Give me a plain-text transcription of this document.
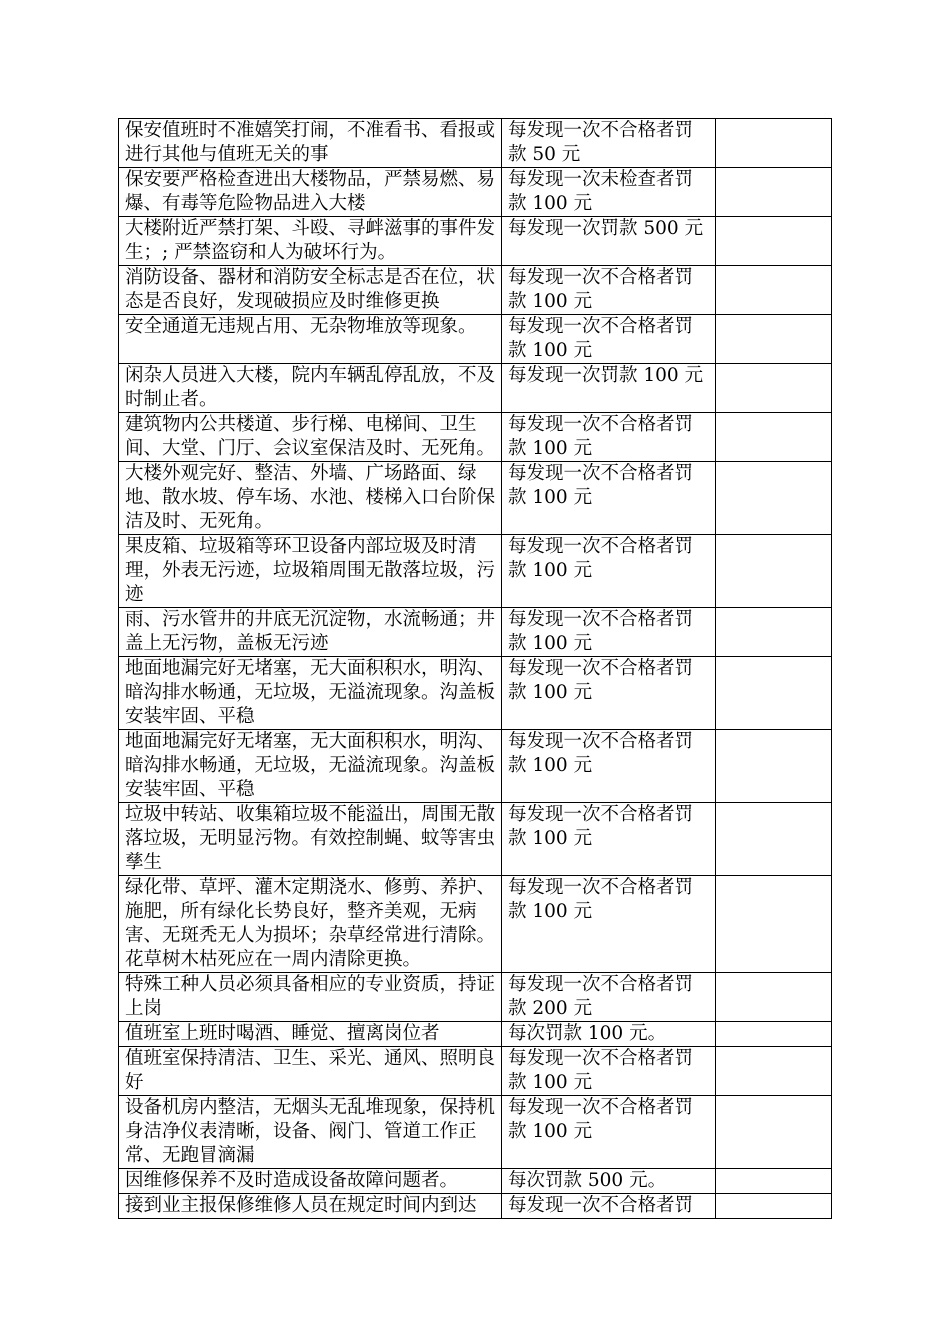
保安值班时不准嬉笑打闹，不准看书、看报或进行其他与值班无关的事	每发现一次不合格者罚款 50 元	
保安要严格检查进出大楼物品，严禁易燃、易爆、有毒等危险物品进入大楼	每发现一次未检查者罚款 100 元	
大楼附近严禁打架、斗殴、寻衅滋事的事件发生；; 严禁盗窃和人为破坏行为。	每发现一次罚款 500 元	
消防设备、器材和消防安全标志是否在位，状态是否良好，发现破损应及时维修更换	每发现一次不合格者罚款 100 元	
安全通道无违规占用、无杂物堆放等现象。	每发现一次不合格者罚款 100 元	
闲杂人员进入大楼，院内车辆乱停乱放，不及时制止者。	每发现一次罚款 100 元	
建筑物内公共楼道、步行梯、电梯间、卫生间、大堂、门厅、会议室保洁及时、无死角。	每发现一次不合格者罚款 100 元	
大楼外观完好、整洁、外墙、广场路面、绿地、散水坡、停车场、水池、楼梯入口台阶保洁及时、无死角。	每发现一次不合格者罚款 100 元	
果皮箱、垃圾箱等环卫设备内部垃圾及时清理，外表无污迹，垃圾箱周围无散落垃圾，污迹	每发现一次不合格者罚款 100 元	
雨、污水管井的井底无沉淀物，水流畅通；井盖上无污物，盖板无污迹	每发现一次不合格者罚款 100 元	
地面地漏完好无堵塞，无大面积积水，明沟、暗沟排水畅通，无垃圾，无溢流现象。沟盖板安装牢固、平稳	每发现一次不合格者罚款 100 元	
地面地漏完好无堵塞，无大面积积水，明沟、暗沟排水畅通，无垃圾，无溢流现象。沟盖板安装牢固、平稳	每发现一次不合格者罚款 100 元	
垃圾中转站、收集箱垃圾不能溢出，周围无散落垃圾，无明显污物。有效控制蝇、蚊等害虫孳生	每发现一次不合格者罚款 100 元	
绿化带、草坪、灌木定期浇水、修剪、养护、施肥，所有绿化长势良好，整齐美观，无病害、无斑秃无人为损坏；杂草经常进行清除。花草树木枯死应在一周内清除更换。	每发现一次不合格者罚款 100 元	
特殊工种人员必须具备相应的专业资质，持证上岗	每发现一次不合格者罚款 200 元	
值班室上班时喝酒、睡觉、擅离岗位者	每次罚款 100 元。	
值班室保持清洁、卫生、采光、通风、照明良好	每发现一次不合格者罚款 100 元	
设备机房内整洁，无烟头无乱堆现象，保持机身洁净仪表清晰，设备、阀门、管道工作正常、无跑冒滴漏	每发现一次不合格者罚款 100 元	
因维修保养不及时造成设备故障问题者。	每次罚款 500 元。	
接到业主报保修维修人员在规定时间内到达	每发现一次不合格者罚	
